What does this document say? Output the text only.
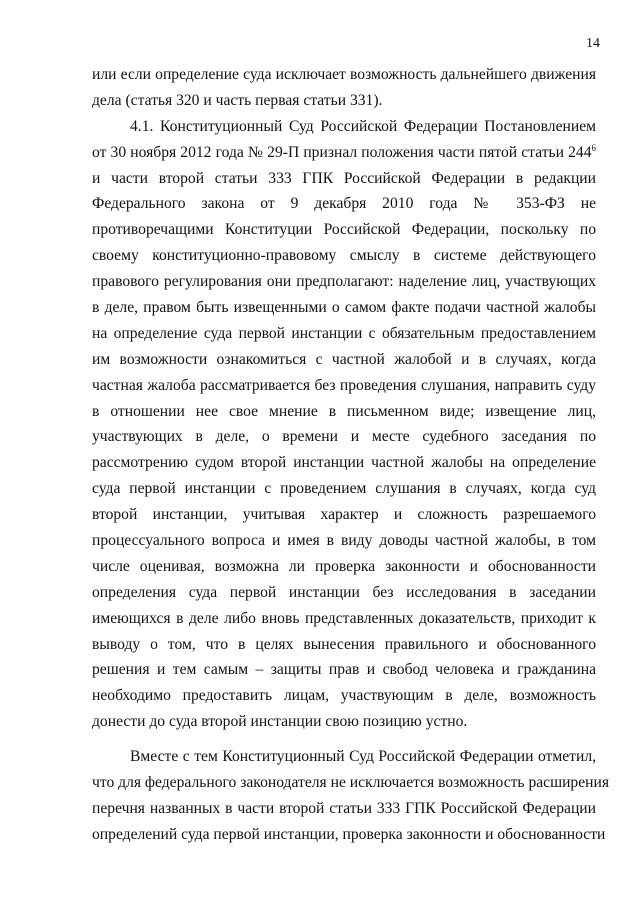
14
или если определение суда исключает возможность дальнейшего движения
дела (статья 320 и часть первая статьи 331).
4.1. Конституционный Суд Российской Федерации Постановлением
от 30 ноября 2012 года № 29-П признал положения части пятой статьи $244^6$
и части второй статьи 333 ГПК Российской Федерации в редакции
Федерального закона от 9 декабря 2010 года № 353-ФЗ не
противоречащими Конституции Российской Федерации, поскольку по
своему конституционно-правовому смыслу в системе действующего
правового регулирования они предполагают: наделение лиц, участвующих
в деле, правом быть извещенными о самом факте подачи частной жалобы
на определение суда первой инстанции с обязательным предоставлением
им возможности ознакомиться с частной жалобой и в случаях, когда
частная жалоба рассматривается без проведения слушания, направить суду
в отношении нее свое мнение в письменном виде; извещение лиц,
участвующих в деле, о времени и месте судебного заседания по
рассмотрению судом второй инстанции частной жалобы на определение
суда первой инстанции с проведением слушания в случаях, когда суд
второй инстанции, учитывая характер и сложность разрешаемого
процессуального вопроса и имея в виду доводы частной жалобы, в том
числе оценивая, возможна ли проверка законности и обоснованности
определения суда первой инстанции без исследования в заседании
имеющихся в деле либо вновь представленных доказательств, приходит к
выводу о том, что в целях вынесения правильного и обоснованного
решения и тем самым – защиты прав и свобод человека и гражданина
необходимо предоставить лицам, участвующим в деле, возможность
донести до суда второй инстанции свою позицию устно.
Вместе с тем Конституционный Суд Российской Федерации отметил,
что для федерального законодателя не исключается возможность расширения
перечня названных в части второй статьи 333 ГПК Российской Федерации
определений суда первой инстанции, проверка законности и обоснованности
